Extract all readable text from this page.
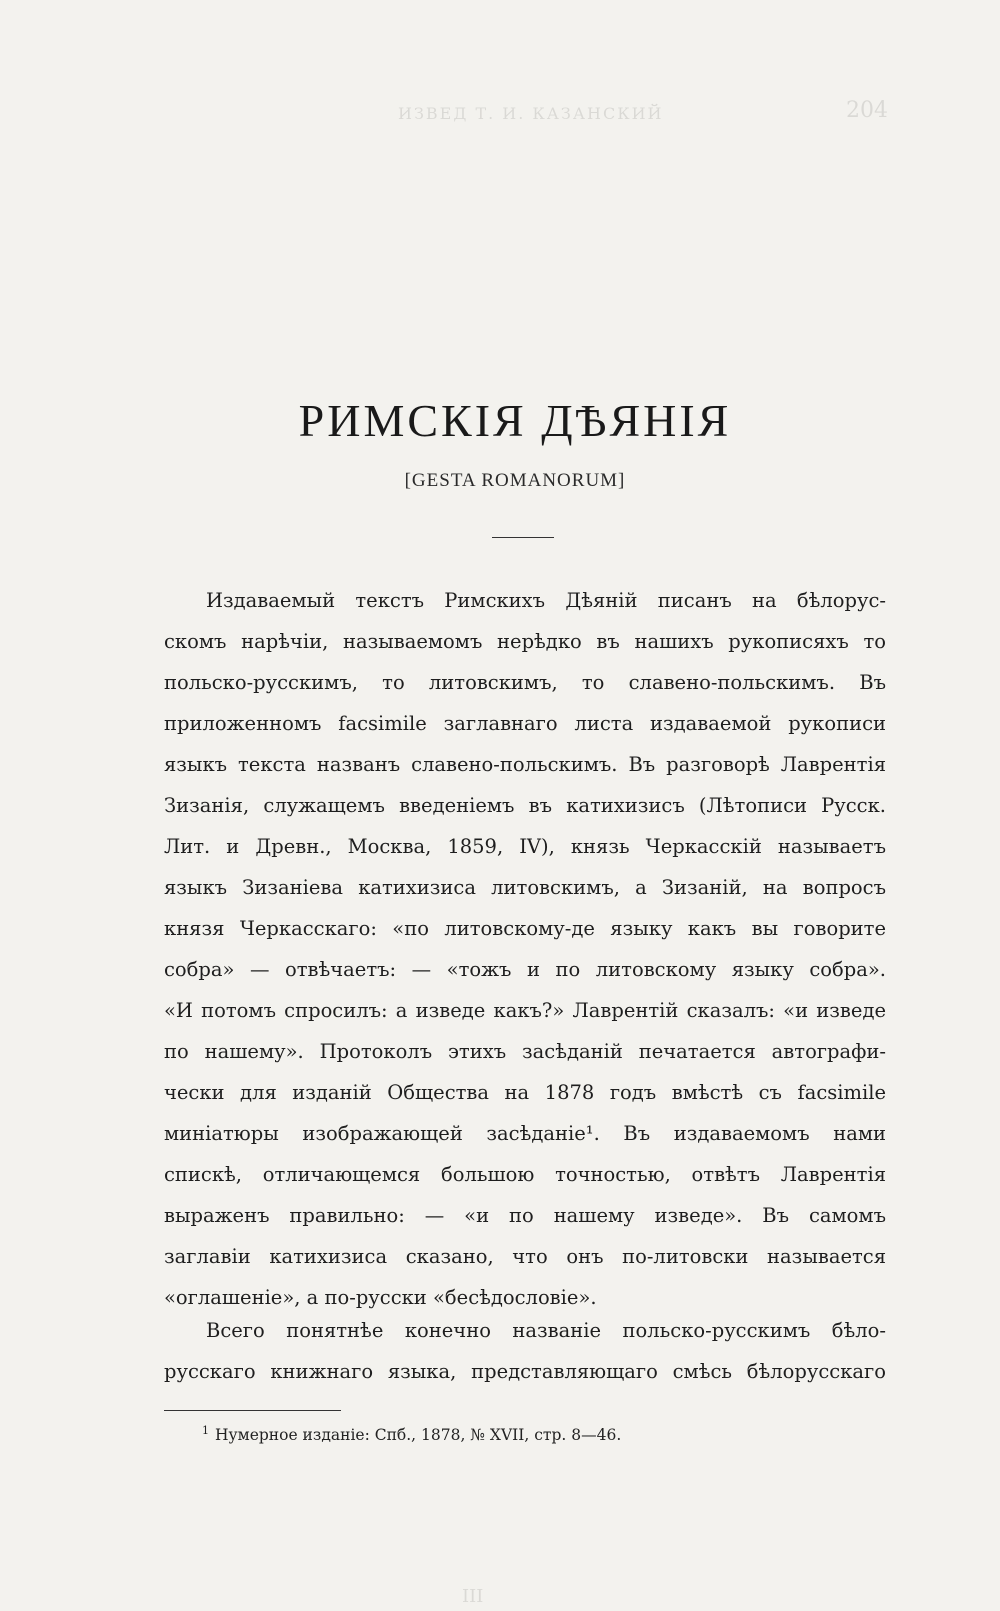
ИЗВЕД Т. И. КАЗАНСКИЙ	204
РИМСКІЯ ДѢЯНІЯ
[GESTA ROMANORUM]
Издаваемый текстъ Римскихъ Дѣяній писанъ на бѣлорус-
скомъ нарѣчіи, называемомъ нерѣдко въ нашихъ рукописяхъ то
польско-русскимъ, то литовскимъ, то славено-польскимъ. Въ
приложенномъ facsimile заглавнаго листа издаваемой рукописи
языкъ текста названъ славено-польскимъ. Въ разговорѣ Лаврентія
Зизанія, служащемъ введеніемъ въ катихизисъ (Лѣтописи Русск.
Лит. и Древн., Москва, 1859, IV), князь Черкасскій называетъ
языкъ Зизаніева катихизиса литовскимъ, а Зизаній, на вопросъ
князя Черкасскаго: «по литовскому-де языку какъ вы говорите
собра» — отвѣчаетъ: — «тожъ и по литовскому языку собра».
«И потомъ спросилъ: а изведе какъ?» Лаврентій сказалъ: «и изведе
по нашему». Протоколъ этихъ засѣданій печатается автографи-
чески для изданій Общества на 1878 годъ вмѣстѣ съ facsimile
миніатюры изображающей засѣданіе¹. Въ издаваемомъ нами
спискѣ, отличающемся большою точностью, отвѣтъ Лаврентія
выраженъ правильно: — «и по нашему изведе». Въ самомъ
заглавіи катихизиса сказано, что онъ по-литовски называется
«оглашеніе», а по-русски «бесѣдословіе».
Всего понятнѣе конечно названіе польско-русскимъ бѣло-
русскаго книжнаго языка, представляющаго смѣсь бѣлорусскаго
$^1$ Нумерное изданіе: Спб., 1878, № XVII, стр. 8—46.
ІІІ
